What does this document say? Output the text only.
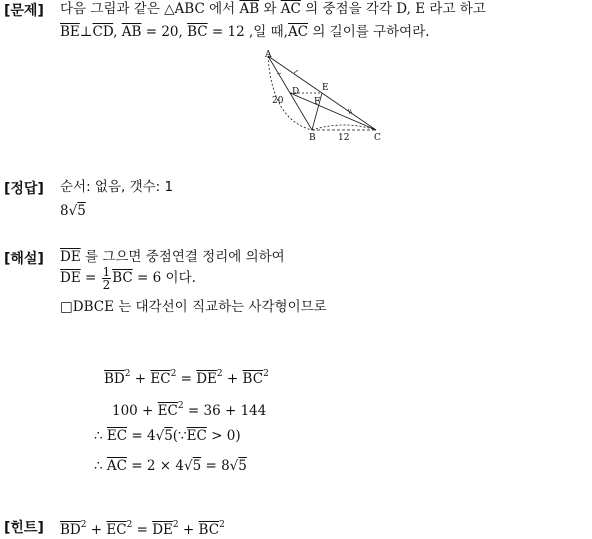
[문제] 다음 그림과 같은 △ABC 에서 $\overline{AB}$ 와 $\overline{AC}$ 의 중점을 각각 D, E 라고 하고
$\overline{BE}\perp\overline{CD}$, $\overline{AB} = 20$, $\overline{BC} = 12$ ,일 때$,\overline{AC}$ 의 길이를 구하여라.
A
B	C
D	E
F
20
12
[정답] 순서: 없음, 갯수: 1
8√5
[해설] $\overline{DE}$ 를 그으면 중점연결 정리에 의하여
$\overline{DE} = \frac{1}{2} \overline{BC} = 6$ 이다.
□DBCE 는 대각선이 직교하는 사각형이므로
$\overline{BD}^2 + \overline{EC}^2 = \overline{DE}^2 + \overline{BC}^2$
$100 + \overline{EC}^2 = 36 + 144$
∴ $\overline{EC}$ = $4√5(\because\overline{EC} > 0)$
∴ $\overline{AC} = 2 \times 4√5 = 8√5$
[힌트] $\overline{BD}^2 + \overline{EC}^2 = \overline{DE}^2 + \overline{BC}^2$
